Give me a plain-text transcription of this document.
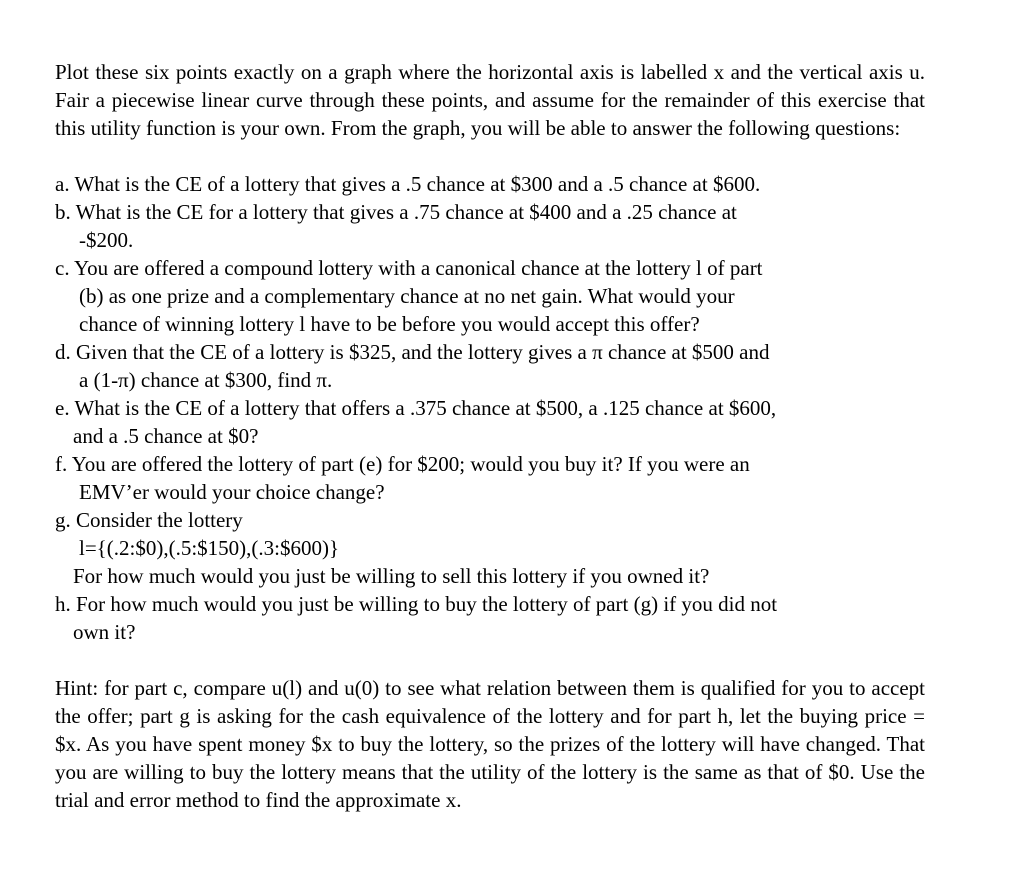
Plot these six points exactly on a graph where the horizontal axis is labelled x and the vertical axis u. Fair a piecewise linear curve through these points, and assume for the remainder of this exercise that this utility function is your own. From the graph, you will be able to answer the following questions:

a. What is the CE of a lottery that gives a .5 chance at $300 and a .5 chance at $600.
b. What is the CE for a lottery that gives a .75 chance at $400 and a .25 chance at
-$200.
c. You are offered a compound lottery with a canonical chance at the lottery l of part
(b) as one prize and a complementary chance at no net gain. What would your
chance of winning lottery l have to be before you would accept this offer?
d. Given that the CE of a lottery is $325, and the lottery gives a π chance at $500 and
a (1-π) chance at $300, find π.
e. What is the CE of a lottery that offers a .375 chance at $500, a .125 chance at $600,
and a .5 chance at $0?
f. You are offered the lottery of part (e) for $200; would you buy it? If you were an
EMV’er would your choice change?
g. Consider the lottery
l={(.2:$0),(.5:$150),(.3:$600)}
For how much would you just be willing to sell this lottery if you owned it?
h. For how much would you just be willing to buy the lottery of part (g) if you did not
own it?

Hint: for part c, compare u(l) and u(0) to see what relation between them is qualified for you to accept the offer; part g is asking for the cash equivalence of the lottery and for part h, let the buying price = $x. As you have spent money $x to buy the lottery, so the prizes of the lottery will have changed. That you are willing to buy the lottery means that the utility of the lottery is the same as that of $0. Use the trial and error method to find the approximate x.
